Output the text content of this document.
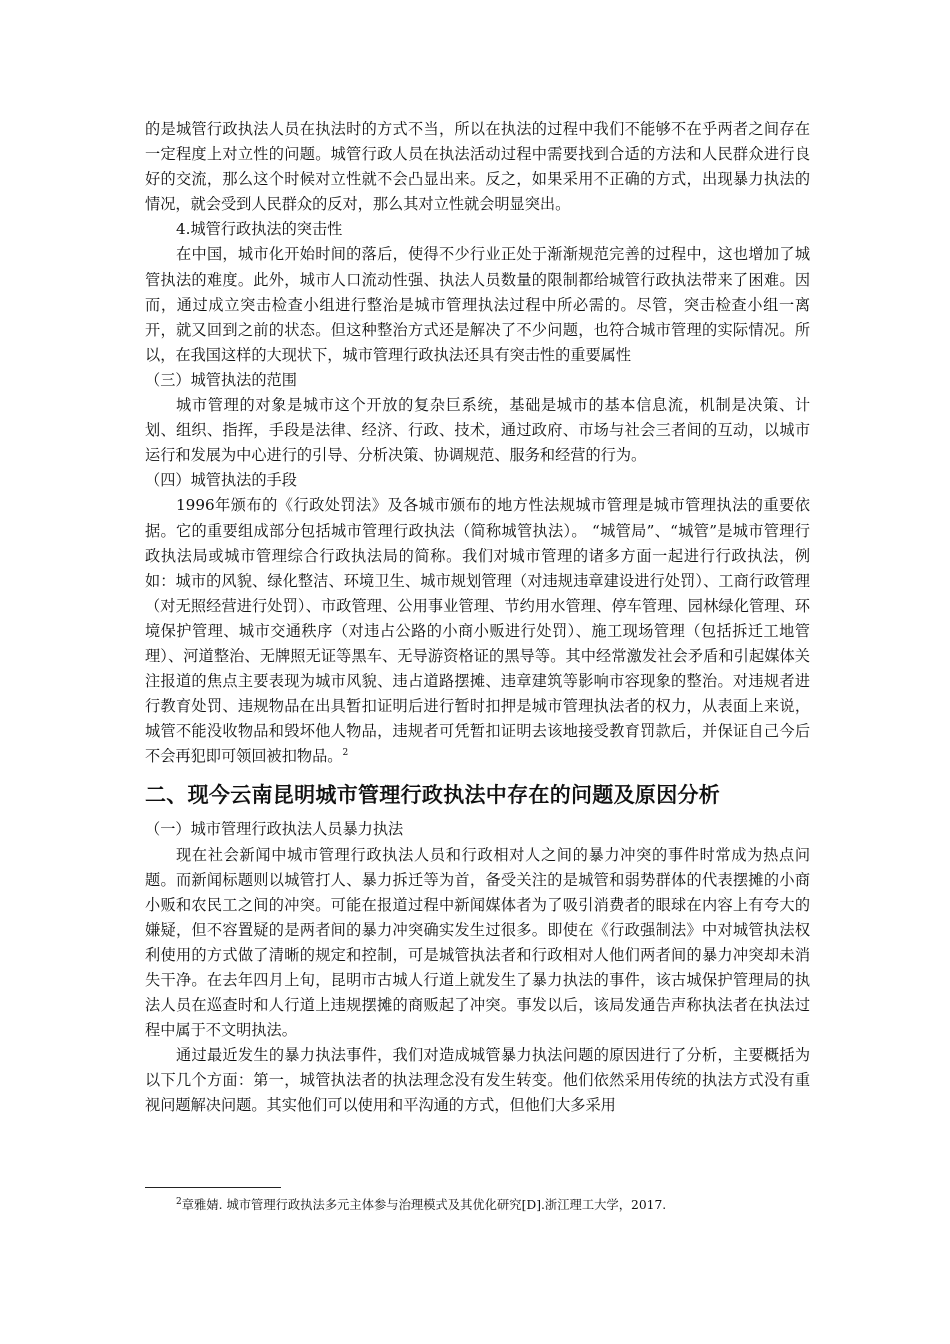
的是城管行政执法人员在执法时的方式不当，所以在执法的过程中我们不能够不在乎两者之间存在一定程度上对立性的问题。城管行政人员在执法活动过程中需要找到合适的方法和人民群众进行良好的交流，那么这个时候对立性就不会凸显出来。反之，如果采用不正确的方式，出现暴力执法的情况，就会受到人民群众的反对，那么其对立性就会明显突出。

4.城管行政执法的突击性

在中国，城市化开始时间的落后，使得不少行业正处于渐渐规范完善的过程中，这也增加了城管执法的难度。此外，城市人口流动性强、执法人员数量的限制都给城管行政执法带来了困难。因而，通过成立突击检查小组进行整治是城市管理执法过程中所必需的。尽管，突击检查小组一离开，就又回到之前的状态。但这种整治方式还是解决了不少问题，也符合城市管理的实际情况。所以，在我国这样的大现状下，城市管理行政执法还具有突击性的重要属性

（三）城管执法的范围

城市管理的对象是城市这个开放的复杂巨系统，基础是城市的基本信息流，机制是决策、计划、组织、指挥，手段是法律、经济、行政、技术，通过政府、市场与社会三者间的互动，以城市运行和发展为中心进行的引导、分析决策、协调规范、服务和经营的行为。

（四）城管执法的手段

1996年颁布的《行政处罚法》及各城市颁布的地方性法规城市管理是城市管理执法的重要依据。它的重要组成部分包括城市管理行政执法（简称城管执法）。 “城管局”、“城管”是城市管理行政执法局或城市管理综合行政执法局的简称。我们对城市管理的诸多方面一起进行行政执法，例如：城市的风貌、绿化整洁、环境卫生、城市规划管理（对违规违章建设进行处罚）、工商行政管理（对无照经营进行处罚）、市政管理、公用事业管理、节约用水管理、停车管理、园林绿化管理、环境保护管理、城市交通秩序（对违占公路的小商小贩进行处罚）、施工现场管理（包括拆迁工地管理）、河道整治、无牌照无证等黑车、无导游资格证的黑导等。其中经常激发社会矛盾和引起媒体关注报道的焦点主要表现为城市风貌、违占道路摆摊、违章建筑等影响市容现象的整治。对违规者进行教育处罚、违规物品在出具暂扣证明后进行暂时扣押是城市管理执法者的权力，从表面上来说，城管不能没收物品和毁坏他人物品，违规者可凭暂扣证明去该地接受教育罚款后，并保证自己今后不会再犯即可领回被扣物品。$^2$

二、现今云南昆明城市管理行政执法中存在的问题及原因分析

（一）城市管理行政执法人员暴力执法

现在社会新闻中城市管理行政执法人员和行政相对人之间的暴力冲突的事件时常成为热点问题。而新闻标题则以城管打人、暴力拆迁等为首，备受关注的是城管和弱势群体的代表摆摊的小商小贩和农民工之间的冲突。可能在报道过程中新闻媒体者为了吸引消费者的眼球在内容上有夸大的嫌疑，但不容置疑的是两者间的暴力冲突确实发生过很多。即使在《行政强制法》中对城管执法权利使用的方式做了清晰的规定和控制，可是城管执法者和行政相对人他们两者间的暴力冲突却未消失干净。在去年四月上旬，昆明市古城人行道上就发生了暴力执法的事件，该古城保护管理局的执法人员在巡查时和人行道上违规摆摊的商贩起了冲突。事发以后，该局发通告声称执法者在执法过程中属于不文明执法。

通过最近发生的暴力执法事件，我们对造成城管暴力执法问题的原因进行了分析，主要概括为以下几个方面：第一，城管执法者的执法理念没有发生转变。他们依然采用传统的执法方式没有重视问题解决问题。其实他们可以使用和平沟通的方式，但他们大多采用

$^2$章雅婧. 城市管理行政执法多元主体参与治理模式及其优化研究[D].浙江理工大学，2017.
